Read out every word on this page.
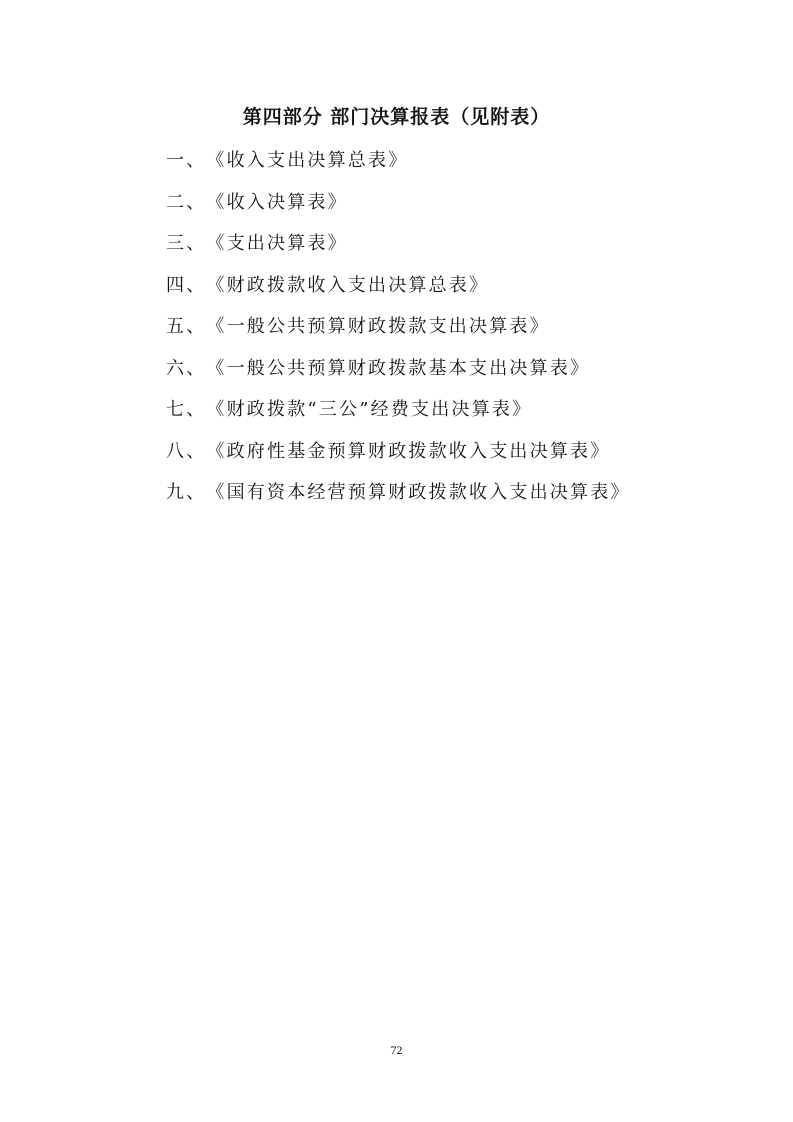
第四部分 部门决算报表（见附表）
一、《收入支出决算总表》
二、《收入决算表》
三、《支出决算表》
四、《财政拨款收入支出决算总表》
五、《一般公共预算财政拨款支出决算表》
六、《一般公共预算财政拨款基本支出决算表》
七、《财政拨款“三公”经费支出决算表》
八、《政府性基金预算财政拨款收入支出决算表》
九、《国有资本经营预算财政拨款收入支出决算表》
72
